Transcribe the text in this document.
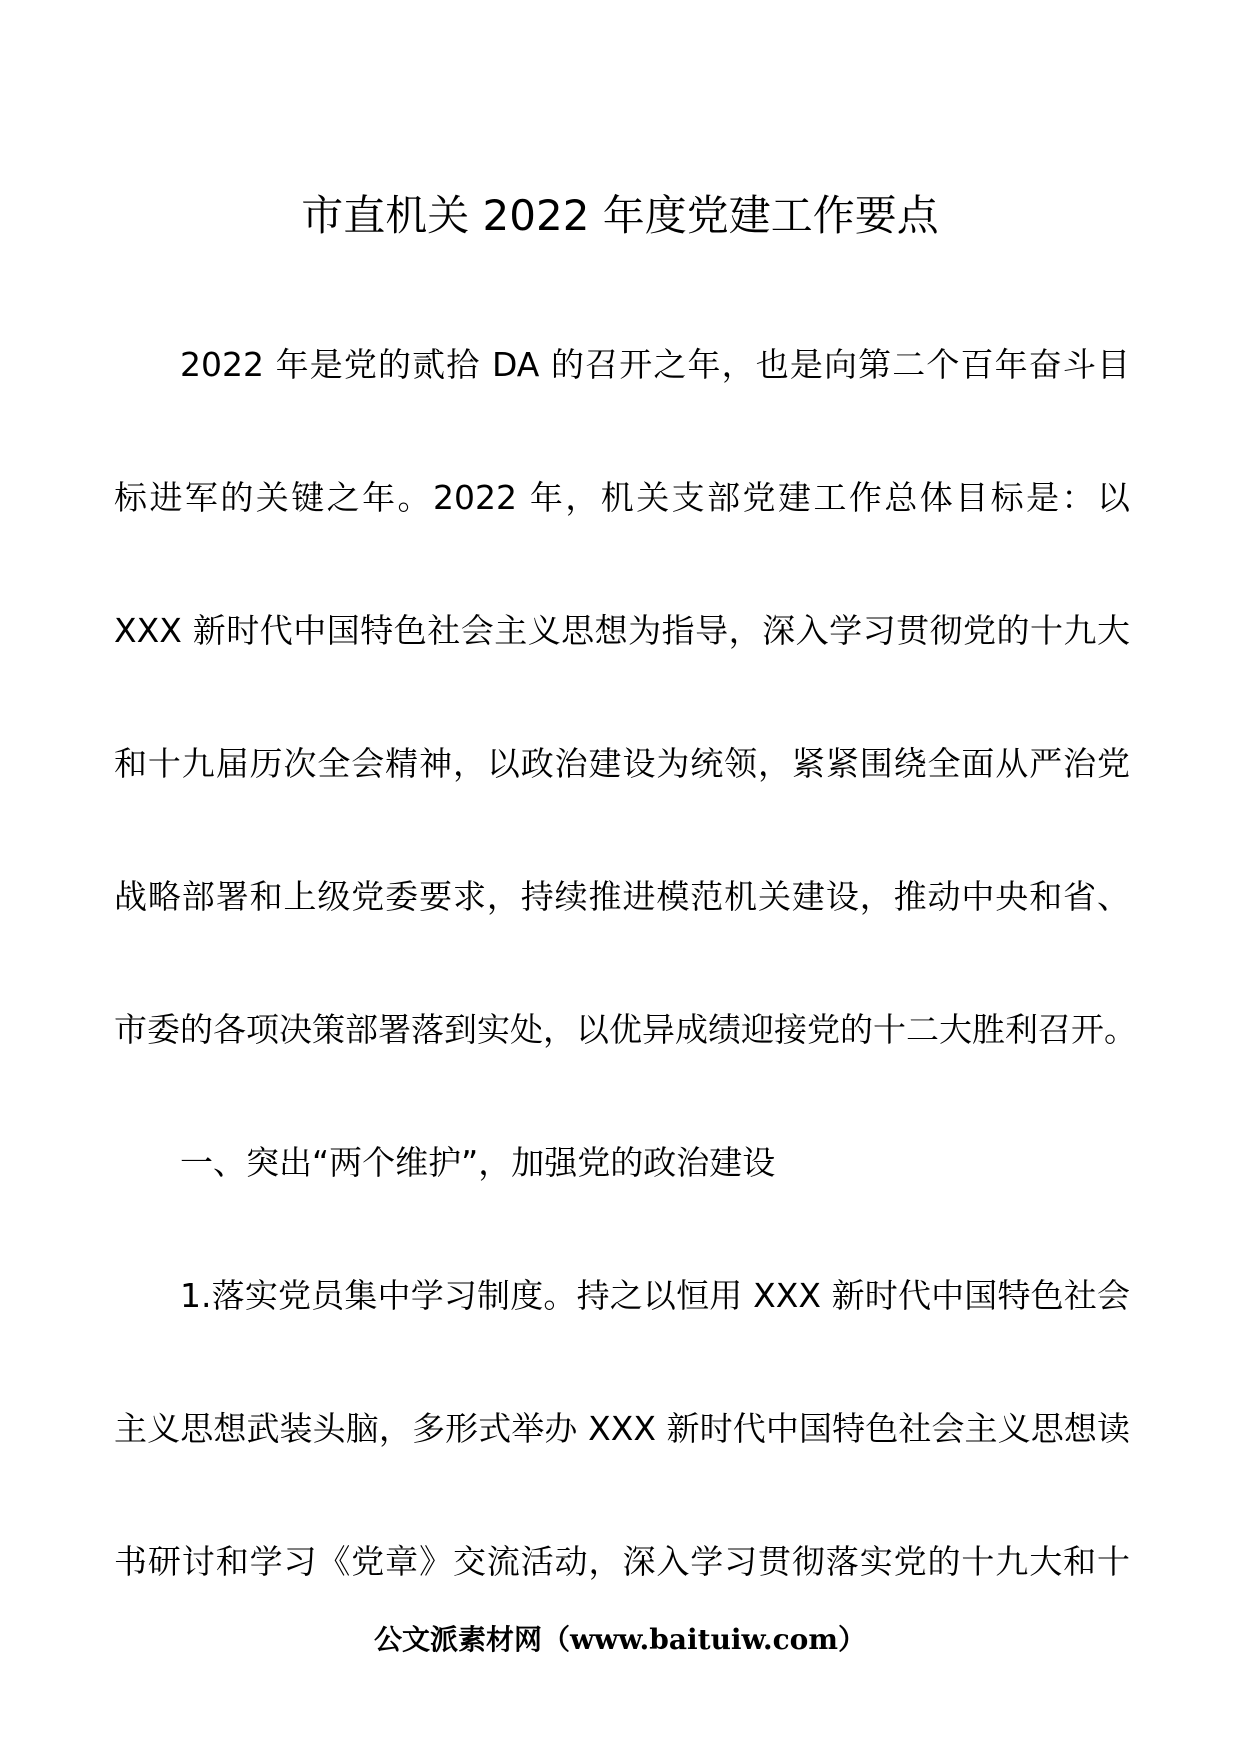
市直机关 2022 年度党建工作要点
2022 年是党的贰拾 DA 的召开之年，也是向第二个百年奋斗目
标进军的关键之年。2022 年，机关支部党建工作总体目标是：以
XXX 新时代中国特色社会主义思想为指导，深入学习贯彻党的十九大
和十九届历次全会精神，以政治建设为统领，紧紧围绕全面从严治党
战略部署和上级党委要求，持续推进模范机关建设，推动中央和省、
市委的各项决策部署落到实处，以优异成绩迎接党的十二大胜利召开。
一、突出“两个维护”，加强党的政治建设
1.落实党员集中学习制度。持之以恒用 XXX 新时代中国特色社会
主义思想武装头脑，多形式举办 XXX 新时代中国特色社会主义思想读
书研讨和学习《党章》交流活动，深入学习贯彻落实党的十九大和十
公文派素材网（www.baituiw.com）
